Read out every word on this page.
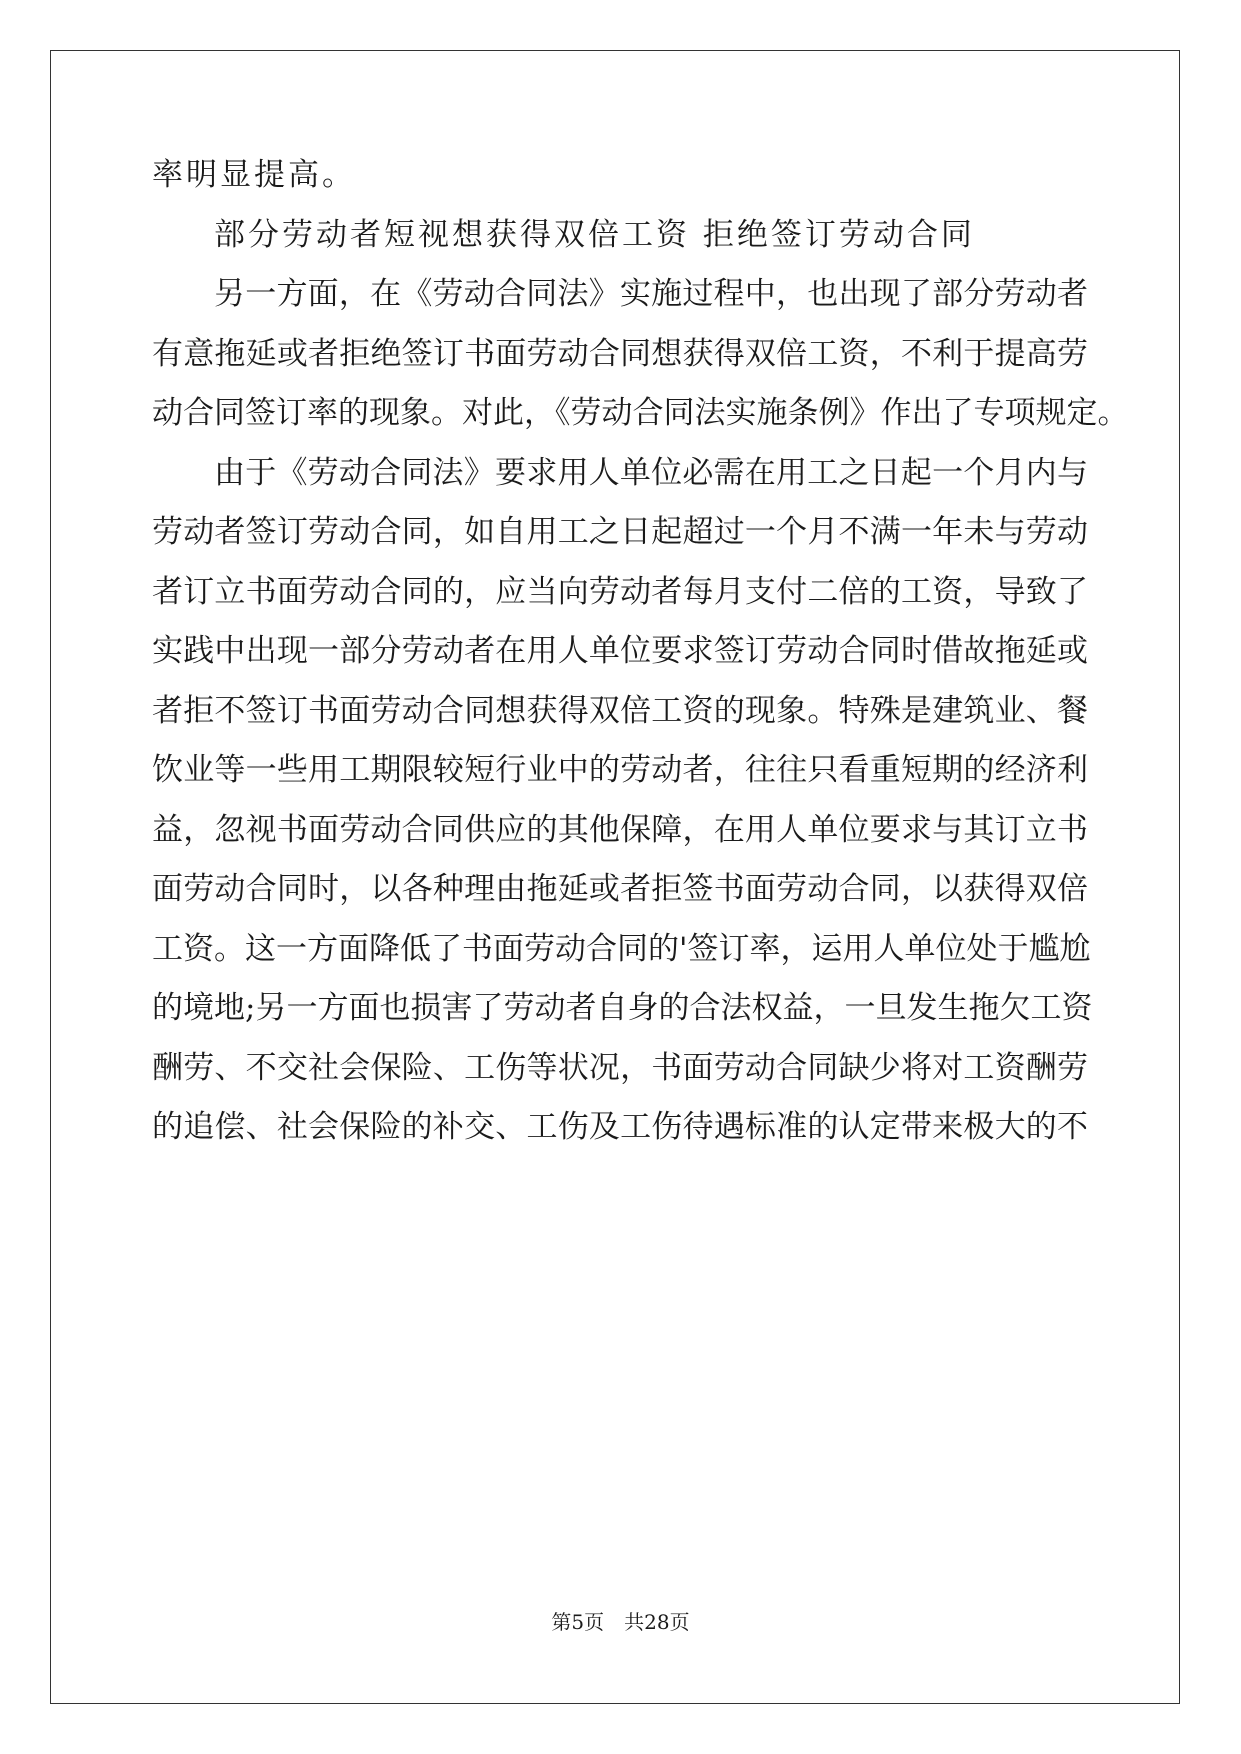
率明显提高。
部分劳动者短视想获得双倍工资 拒绝签订劳动合同
另一方面，在《劳动合同法》实施过程中，也出现了部分劳动者
有意拖延或者拒绝签订书面劳动合同想获得双倍工资，不利于提高劳
动合同签订率的现象。对此，《劳动合同法实施条例》作出了专项规定。
由于《劳动合同法》要求用人单位必需在用工之日起一个月内与
劳动者签订劳动合同，如自用工之日起超过一个月不满一年未与劳动
者订立书面劳动合同的，应当向劳动者每月支付二倍的工资，导致了
实践中出现一部分劳动者在用人单位要求签订劳动合同时借故拖延或
者拒不签订书面劳动合同想获得双倍工资的现象。特殊是建筑业、餐
饮业等一些用工期限较短行业中的劳动者，往往只看重短期的经济利
益，忽视书面劳动合同供应的其他保障，在用人单位要求与其订立书
面劳动合同时，以各种理由拖延或者拒签书面劳动合同，以获得双倍
工资。这一方面降低了书面劳动合同的'签订率，运用人单位处于尴尬
的境地;另一方面也损害了劳动者自身的合法权益，一旦发生拖欠工资
酬劳、不交社会保险、工伤等状况，书面劳动合同缺少将对工资酬劳
的追偿、社会保险的补交、工伤及工伤待遇标准的认定带来极大的不
第5页 共28页
